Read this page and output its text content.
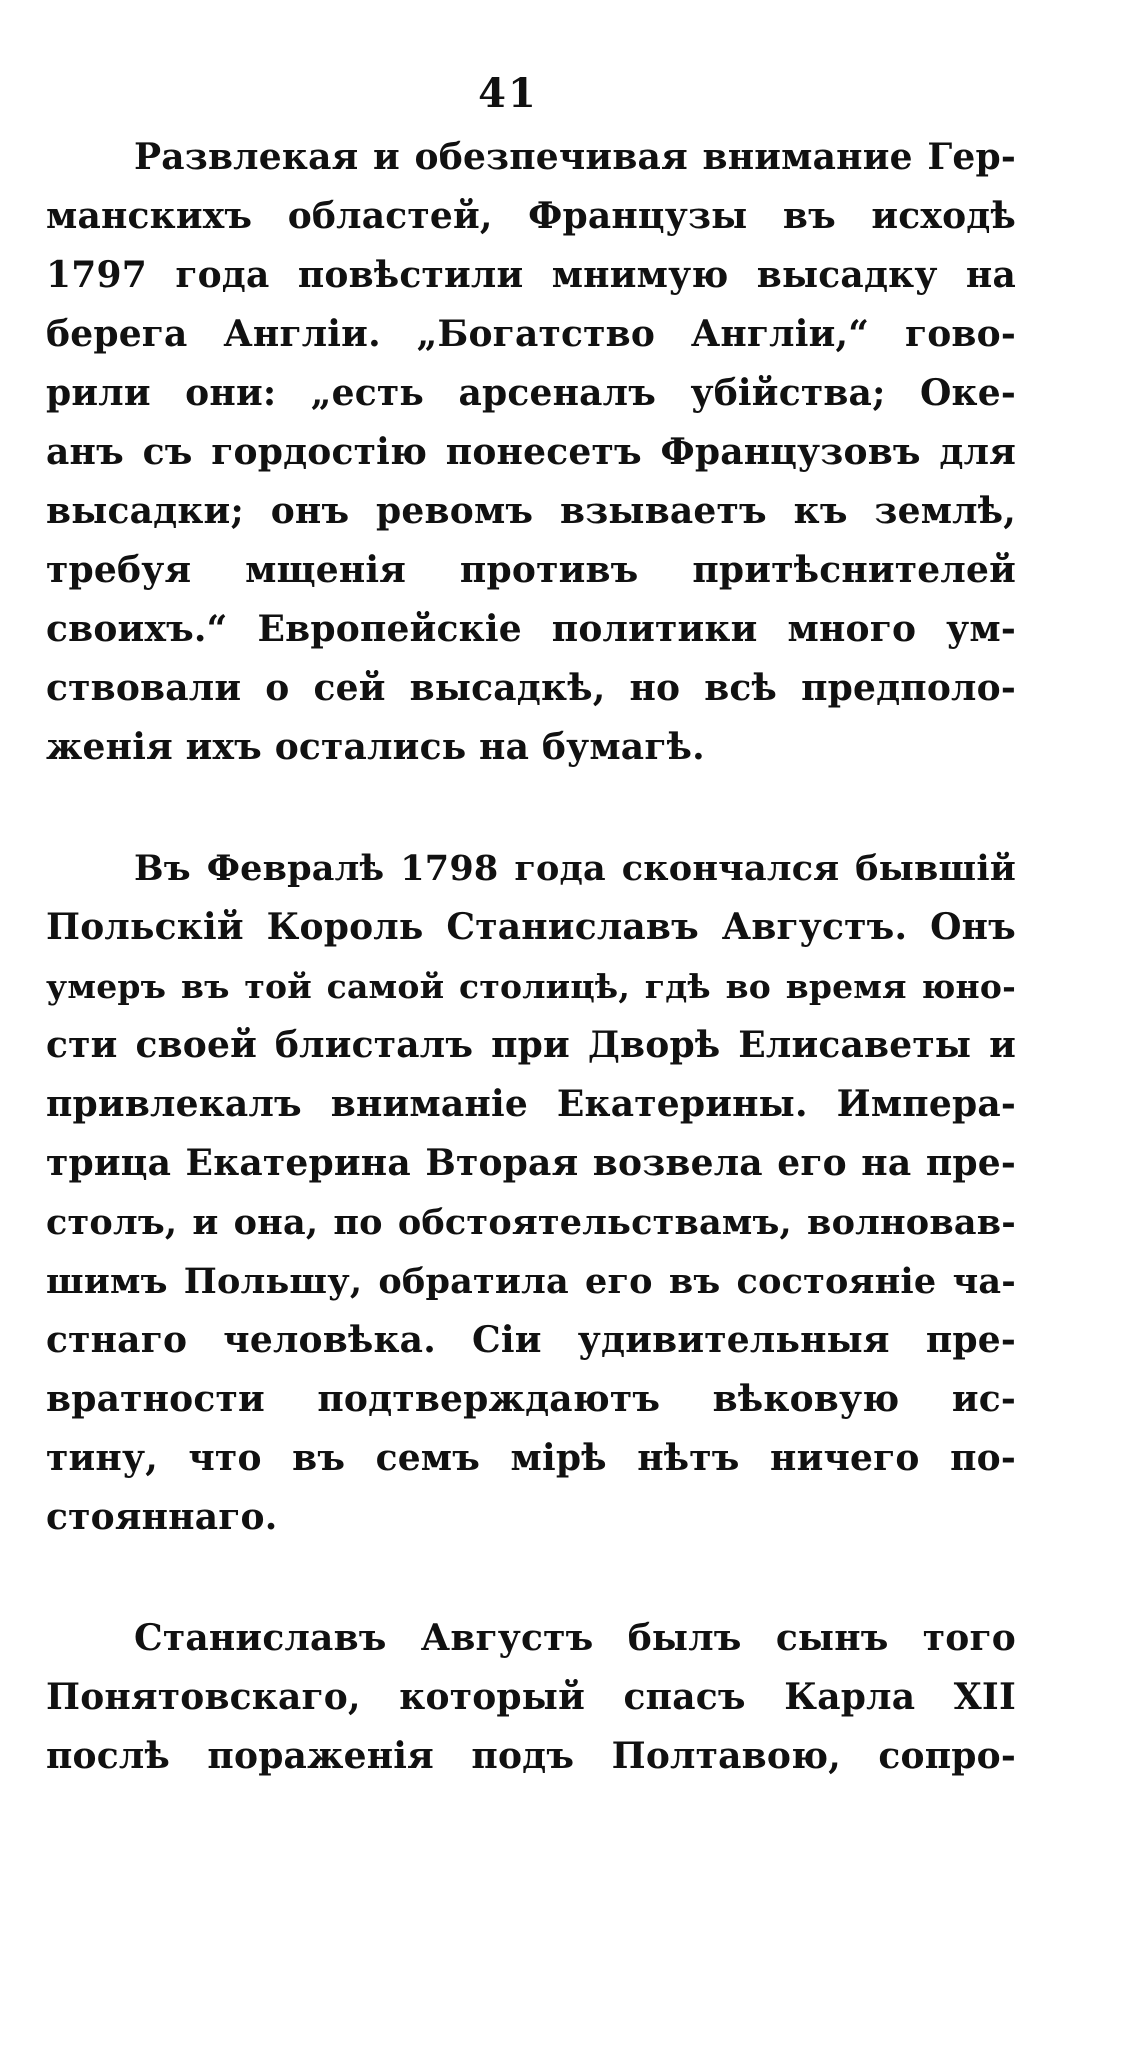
41
Развлекая и обезпечивая внимание Гер-
манскихъ областей, Французы въ исходѣ
1797 года повѣстили мнимую высадку на
берега Англіи. „Богатство Англіи,“ гово-
рили они: „есть арсеналъ убійства; Оке-
анъ съ гордостію понесетъ Французовъ для
высадки; онъ ревомъ взываетъ къ землѣ,
требуя мщенія противъ притѣснителей
своихъ.“ Европейскіе политики много ум-
ствовали о сей высадкѣ, но всѣ предполо-
женія ихъ остались на бумагѣ.
Въ Февралѣ 1798 года скончался бывшій
Польскій Король Станиславъ Августъ. Онъ
умеръ въ той самой столицѣ, гдѣ во время юно-
сти своей блисталъ при Дворѣ Елисаветы и
привлекалъ вниманіе Екатерины. Импера-
трица Екатерина Вторая возвела его на пре-
столъ, и она, по обстоятельствамъ, волновав-
шимъ Польшу, обратила его въ состояніе ча-
стнаго человѣка. Сіи удивительныя пре-
вратности подтверждаютъ вѣковую ис-
тину, что въ семъ мірѣ нѣтъ ничего по-
стояннаго.
Станиславъ Августъ былъ сынъ того
Понятовскаго, который спасъ Карла XII
послѣ пораженія подъ Полтавою, сопро-
